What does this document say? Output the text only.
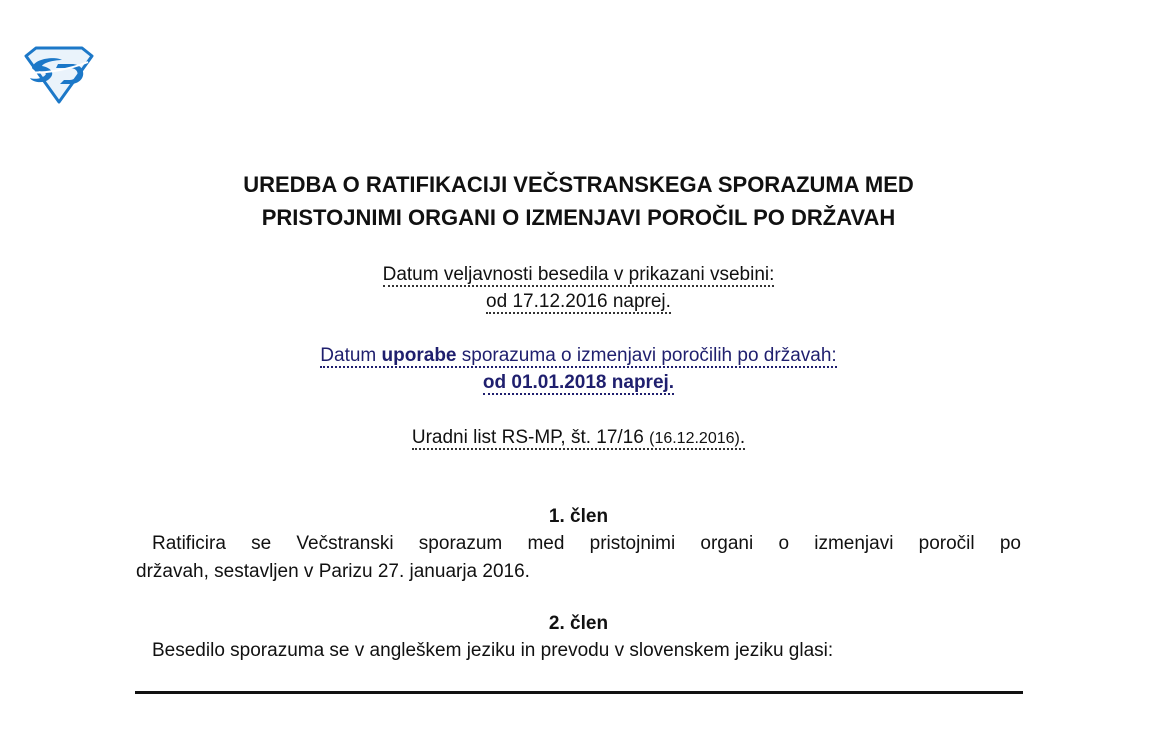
UREDBA O RATIFIKACIJI VEČSTRANSKEGA SPORAZUMA MED
PRISTOJNIMI ORGANI O IZMENJAVI POROČIL PO DRŽAVAH
Datum veljavnosti besedila v prikazani vsebini:
od 17.12.2016 naprej.
Datum uporabe sporazuma o izmenjavi poročilih po državah:
od 01.01.2018 naprej.
Uradni list RS-MP, št. 17/16 (16.12.2016).
1. člen
Ratificira se Večstranski sporazum med pristojnimi organi o izmenjavi poročil po
državah, sestavljen v Parizu 27. januarja 2016.
2. člen
Besedilo sporazuma se v angleškem jeziku in prevodu v slovenskem jeziku glasi:
